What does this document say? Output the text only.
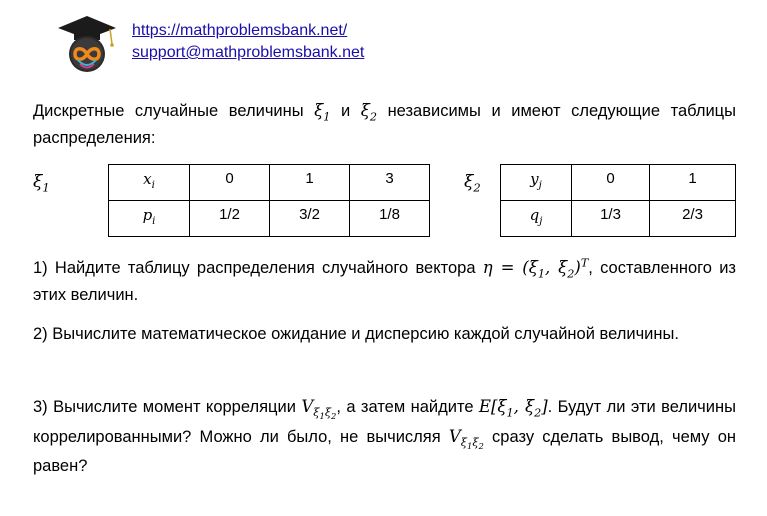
https://mathproblemsbank.net/
support@mathproblemsbank.net
Дискретные случайные величины $\xi_1$ и $\xi_2$ независимы и имеют следующие таблицы распределения:
$\xi_1$	$x_i$	0	1	3
$p_i$	1/2	3/2	1/8
$\xi_2$	$y_j$	0	1
$q_j$	1/3	2/3
1) Найдите таблицу распределения случайного вектора $\eta = (\xi_1$, $\xi_2)^T$, составленного из этих величин.
2) Вычислите математическое ожидание и дисперсию каждой случайной величины.
3) Вычислите момент корреляции $V_{\xi_1\xi_2}$, а затем найдите $E[\xi_1$, $\xi_2$]. Будут ли эти величины коррелированными? Можно ли было, не вычисляя $V_{\xi_1\xi_2}$ сразу сделать вывод, чему он равен?
